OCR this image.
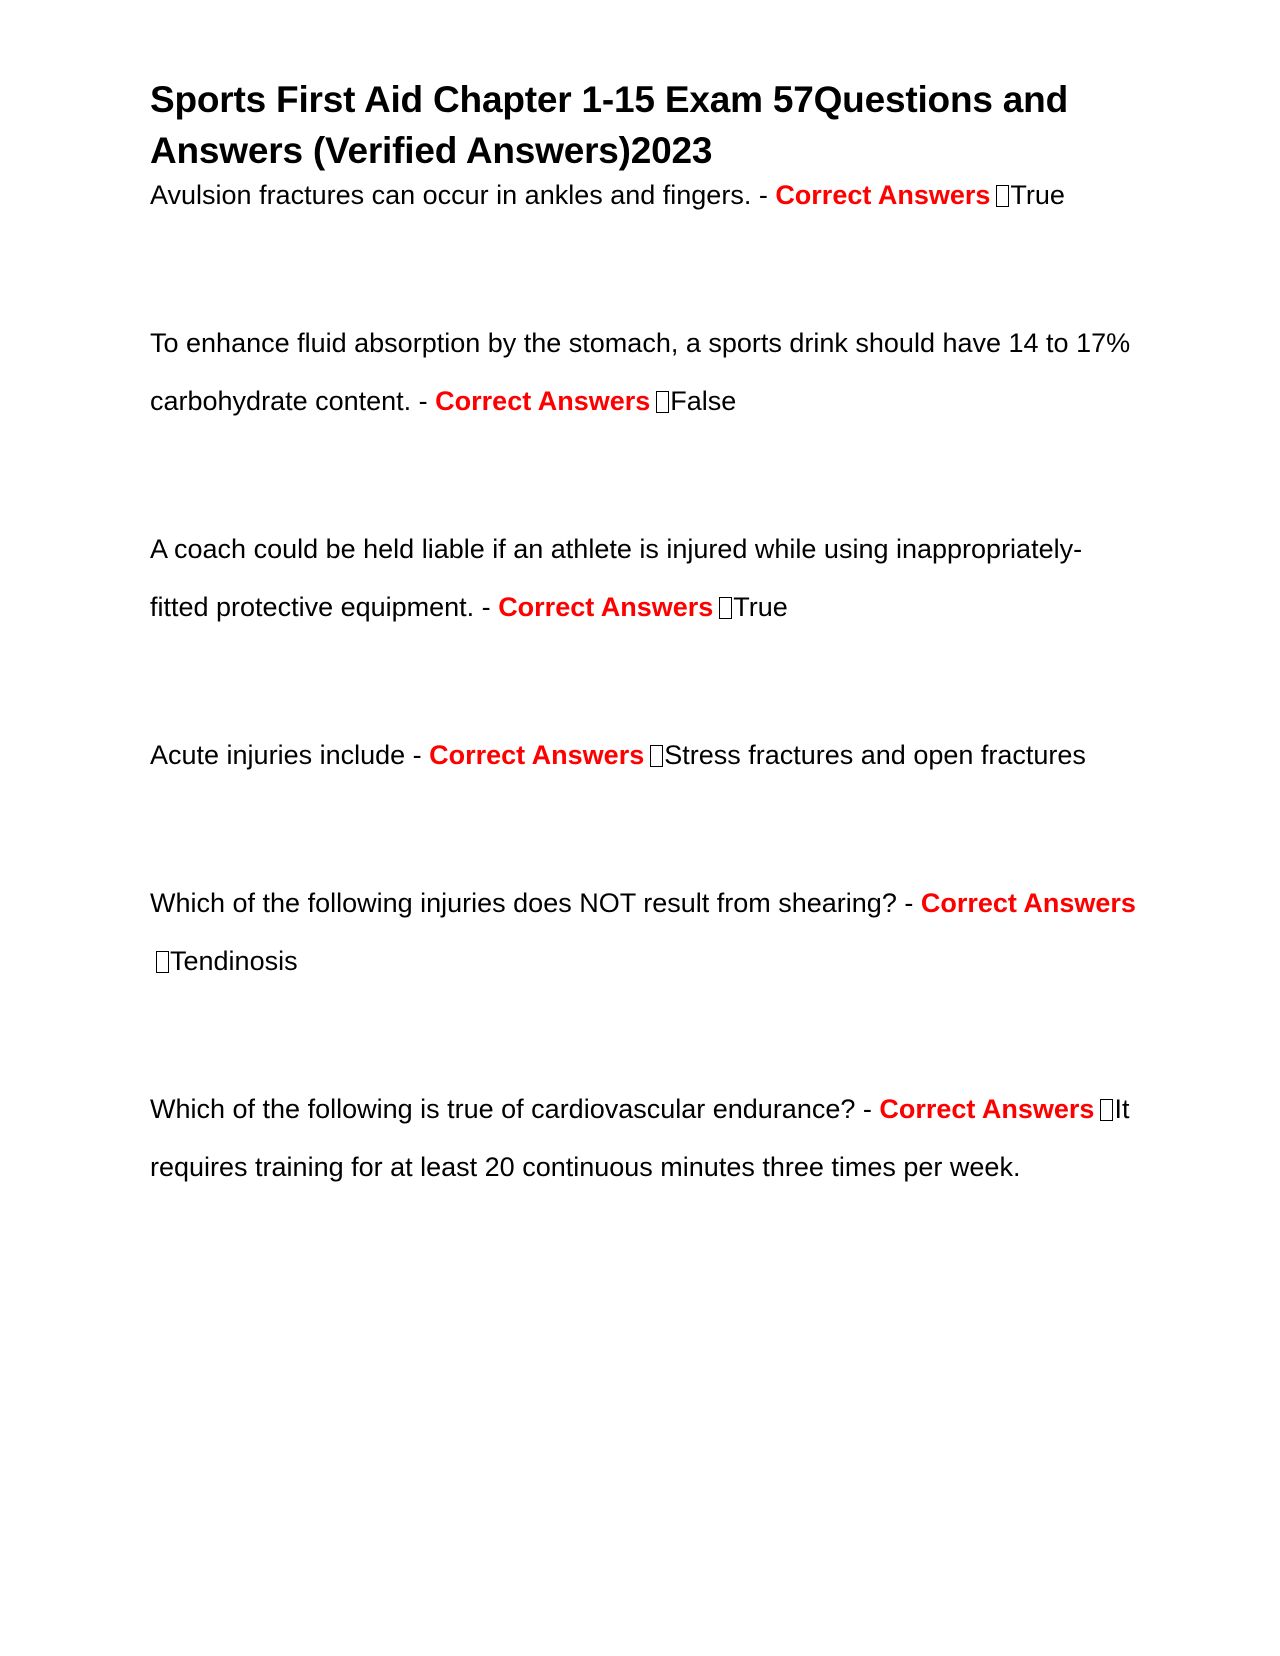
Sports First Aid Chapter 1-15 Exam 57Questions and Answers (Verified Answers)2023

Avulsion fractures can occur in ankles and fingers. - Correct Answers True

To enhance fluid absorption by the stomach, a sports drink should have 14 to 17% carbohydrate content. - Correct Answers False

A coach could be held liable if an athlete is injured while using inappropriately-fitted protective equipment. - Correct Answers True

Acute injuries include - Correct Answers Stress fractures and open fractures

Which of the following injuries does NOT result from shearing? - Correct AnswersTendinosis

Which of the following is true of cardiovascular endurance? - Correct Answers It requires training for at least 20 continuous minutes three times per week.
